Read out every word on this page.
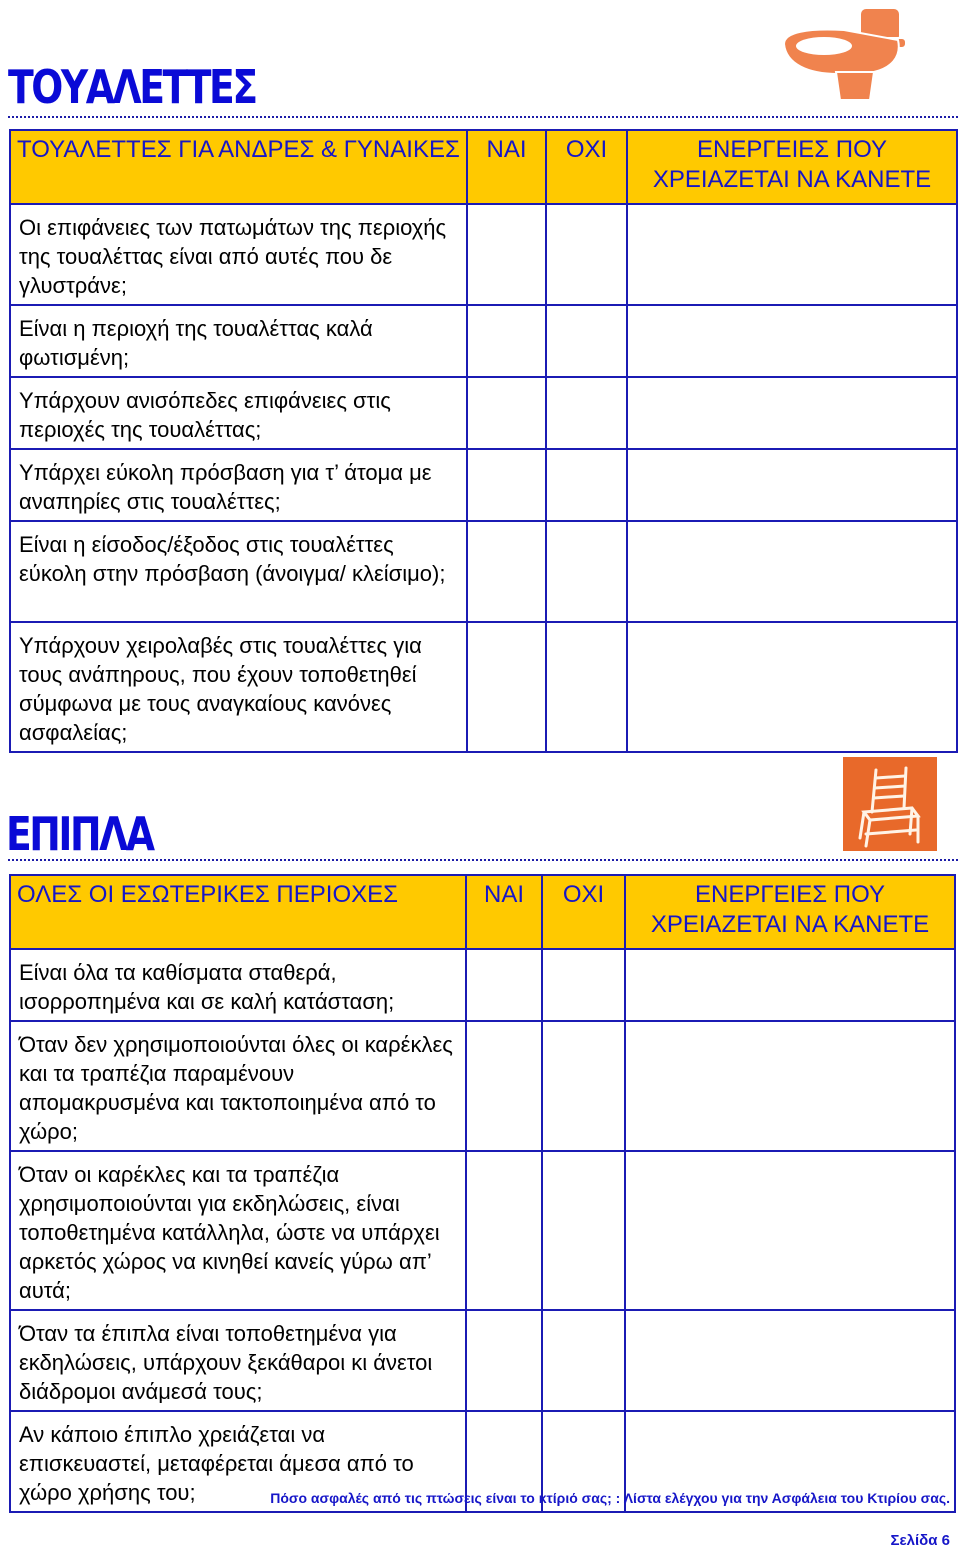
ΤΟΥΑΛΕΤΤΕΣ
ΤΟΥΑΛΕΤΤΕΣ ΓΙΑ ΑΝΔΡΕΣ & ΓΥΝΑΙΚΕΣ	ΝΑΙ	ΟΧΙ	ΕΝΕΡΓΕΙΕΣ ΠΟΥ ΧΡΕΙΑΖΕΤΑΙ ΝΑ ΚΑΝΕΤΕ
Οι επιφάνειες των πατωμάτων της περιοχής της τουαλέττας είναι από αυτές που δε γλυστράνε;			
Είναι η περιοχή της τουαλέττας καλά φωτισμένη;			
Υπάρχουν ανισόπεδες επιφάνειες στις περιοχές της τουαλέττας;			
Υπάρχει εύκολη πρόσβαση για τ’ άτομα με αναπηρίες στις τουαλέττες;			
Είναι η είσοδος/έξοδος στις τουαλέττες εύκολη στην πρόσβαση (άνοιγμα/ κλείσιμο);			
Υπάρχουν χειρολαβές στις τουαλέττες για τους ανάπηρους, που έχουν τοποθετηθεί σύμφωνα με τους αναγκαίους κανόνες ασφαλείας;			
ΕΠΙΠΛΑ
ΟΛΕΣ ΟΙ ΕΣΩΤΕΡΙΚΕΣ ΠΕΡΙΟΧΕΣ	ΝΑΙ	ΟΧΙ	ΕΝΕΡΓΕΙΕΣ ΠΟΥ ΧΡΕΙΑΖΕΤΑΙ ΝΑ ΚΑΝΕΤΕ
Είναι όλα τα καθίσματα σταθερά, ισορροπημένα και σε καλή κατάσταση;			
Όταν δεν χρησιμοποιούνται όλες οι καρέκλες και τα τραπέζια παραμένουν απομακρυσμένα και τακτοποιημένα από το χώρο;			
Όταν οι καρέκλες και τα τραπέζια χρησιμοποιούνται για εκδηλώσεις, είναι τοποθετημένα κατάλληλα, ώστε να υπάρχει αρκετός χώρος να κινηθεί κανείς γύρω απ’ αυτά;			
Όταν τα έπιπλα είναι τοποθετημένα για εκδηλώσεις, υπάρχουν ξεκάθαροι κι άνετοι διάδρομοι ανάμεσά τους;			
Αν κάποιο έπιπλο χρειάζεται να επισκευαστεί, μεταφέρεται άμεσα από το χώρο χρήσης του;				Πόσο ασφαλές από τις πτώσεις είναι το κτίριό σας; : Λίστα ελέγχου για την Ασφάλεια του Κτιρίου σας.
Σελίδα 6
